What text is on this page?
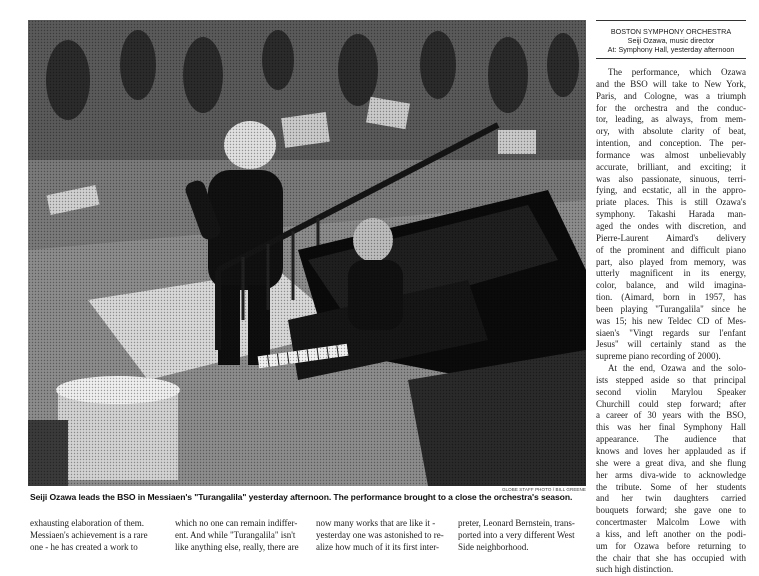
GLOBE STAFF PHOTO / BILL GREENE
Seiji Ozawa leads the BSO in Messiaen's "Turangalila" yesterday afternoon. The performance brought to a close the orchestra's season.
exhausting elaboration of them.
Messiaen's achievement is a rare
one - he has created a work to
which no one can remain indiffer-
ent. And while "Turangalila" isn't
like anything else, really, there are
now many works that are like it -
yesterday one was astonished to re-
alize how much of it its first inter-
preter, Leonard Bernstein, trans-
ported into a very different West
Side neighborhood.
BOSTON SYMPHONY ORCHESTRA
Seiji Ozawa, music director
At: Symphony Hall, yesterday afternoon
The performance, which Ozawa
and the BSO will take to New York,
Paris, and Cologne, was a triumph
for the orchestra and the conduc-
tor, leading, as always, from mem-
ory, with absolute clarity of beat,
intention, and conception. The per-
formance was almost unbelievably
accurate, brilliant, and exciting; it
was also passionate, sinuous, terri-
fying, and ecstatic, all in the appro-
priate places. This is still Ozawa's
symphony. Takashi Harada man-
aged the ondes with discretion, and
Pierre-Laurent Aimard's delivery
of the prominent and difficult piano
part, also played from memory, was
utterly magnificent in its energy,
color, balance, and wild imagina-
tion. (Aimard, born in 1957, has
been playing "Turangalila" since he
was 15; his new Teldec CD of Mes-
siaen's "Vingt regards sur l'enfant
Jesus" will certainly stand as the
supreme piano recording of 2000).
At the end, Ozawa and the solo-
ists stepped aside so that principal
second violin Marylou Speaker
Churchill could step forward; after
a career of 30 years with the BSO,
this was her final Symphony Hall
appearance. The audience that
knows and loves her applauded as if
she were a great diva, and she flung
her arms diva-wide to acknowledge
the tribute. Some of her students
and her twin daughters carried
bouquets forward; she gave one to
concertmaster Malcolm Lowe with
a kiss, and left another on the podi-
um for Ozawa before returning to
the chair that she has occupied with
such high distinction.
